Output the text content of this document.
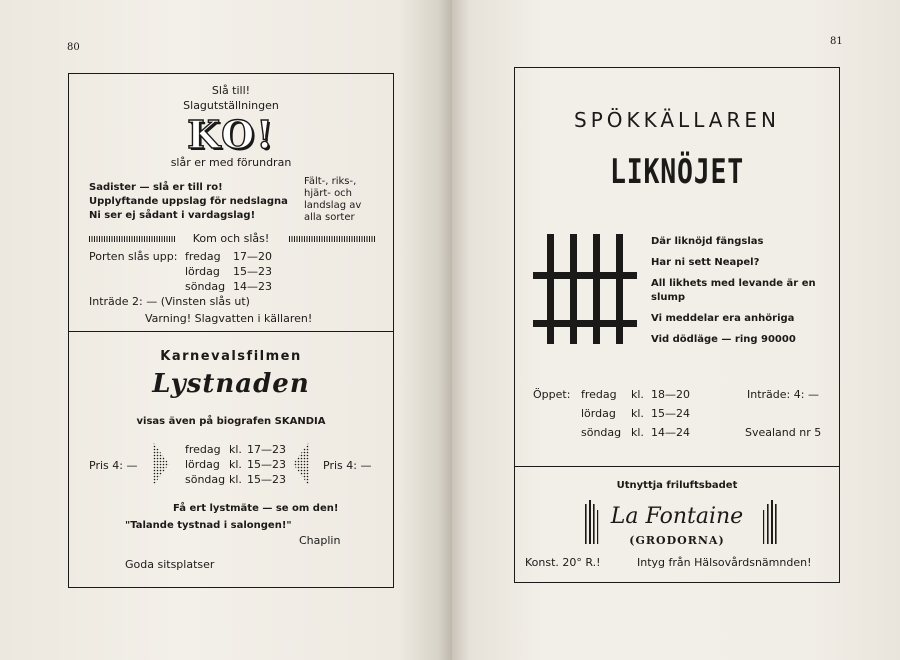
80
Slå till!
Slagutställningen
KO!
slår er med förundran
Sadister — slå er till ro!
Upplyftande uppslag för nedslagna
Ni ser ej sådant i vardagslag!
Fält-, riks-,
hjärt- och
landslag av
alla sorter
Kom och slås!
Porten slås upp: fredag 17—20
lördag 15—23
söndag 14—23
Inträde 2: — (Vinsten slås ut)
Varning! Slagvatten i källaren!
Karnevalsfilmen
Lystnaden
visas även på biografen SKANDIA
Pris 4: —
fredag kl. 17—23
lördag kl. 15—23
söndag kl. 15—23
Pris 4: —
Få ert lystmäte — se om den!
"Talande tystnad i salongen!"
Chaplin
Goda sitsplatser
81
SPÖKKÄLLAREN
LIKNÖJET
Där liknöjd fängslas
Har ni sett Neapel?
All likhets med levande är en
slump
Vi meddelar era anhöriga
Vid dödläge — ring 90000
Öppet: fredag kl. 18—20
lördag kl. 15—24
söndag kl. 14—24
Inträde: 4: —
Svealand nr 5
Utnyttja friluftsbadet
La Fontaine
(GRODORNA)
Konst. 20° R.!	Intyg från Hälsovårdsnämnden!
